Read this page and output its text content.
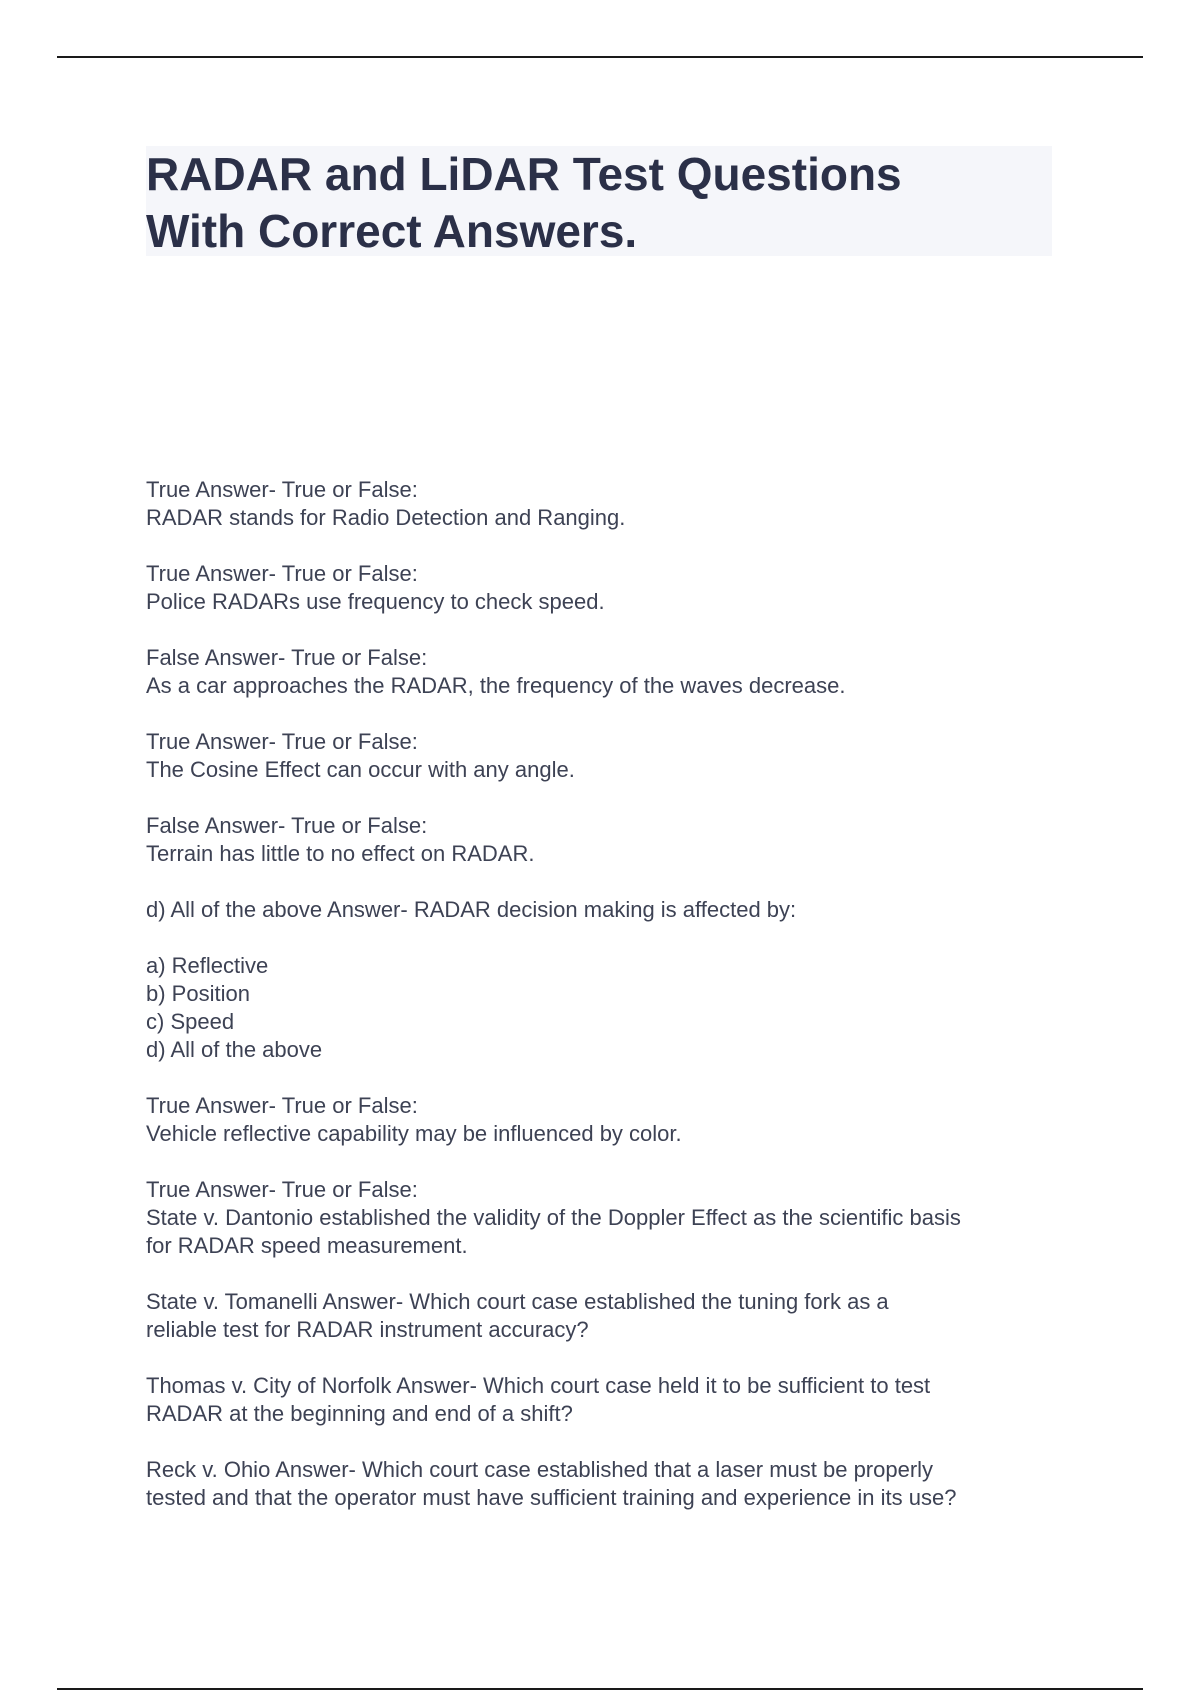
RADAR and LiDAR Test Questions
With Correct Answers.
True Answer- True or False:
RADAR stands for Radio Detection and Ranging.
True Answer- True or False:
Police RADARs use frequency to check speed.
False Answer- True or False:
As a car approaches the RADAR, the frequency of the waves decrease.
True Answer- True or False:
The Cosine Effect can occur with any angle.
False Answer- True or False:
Terrain has little to no effect on RADAR.
d) All of the above Answer- RADAR decision making is affected by:
a) Reflective
b) Position
c) Speed
d) All of the above
True Answer- True or False:
Vehicle reflective capability may be influenced by color.
True Answer- True or False:
State v. Dantonio established the validity of the Doppler Effect as the scientific basis
for RADAR speed measurement.
State v. Tomanelli Answer- Which court case established the tuning fork as a
reliable test for RADAR instrument accuracy?
Thomas v. City of Norfolk Answer- Which court case held it to be sufficient to test
RADAR at the beginning and end of a shift?
Reck v. Ohio Answer- Which court case established that a laser must be properly
tested and that the operator must have sufficient training and experience in its use?
